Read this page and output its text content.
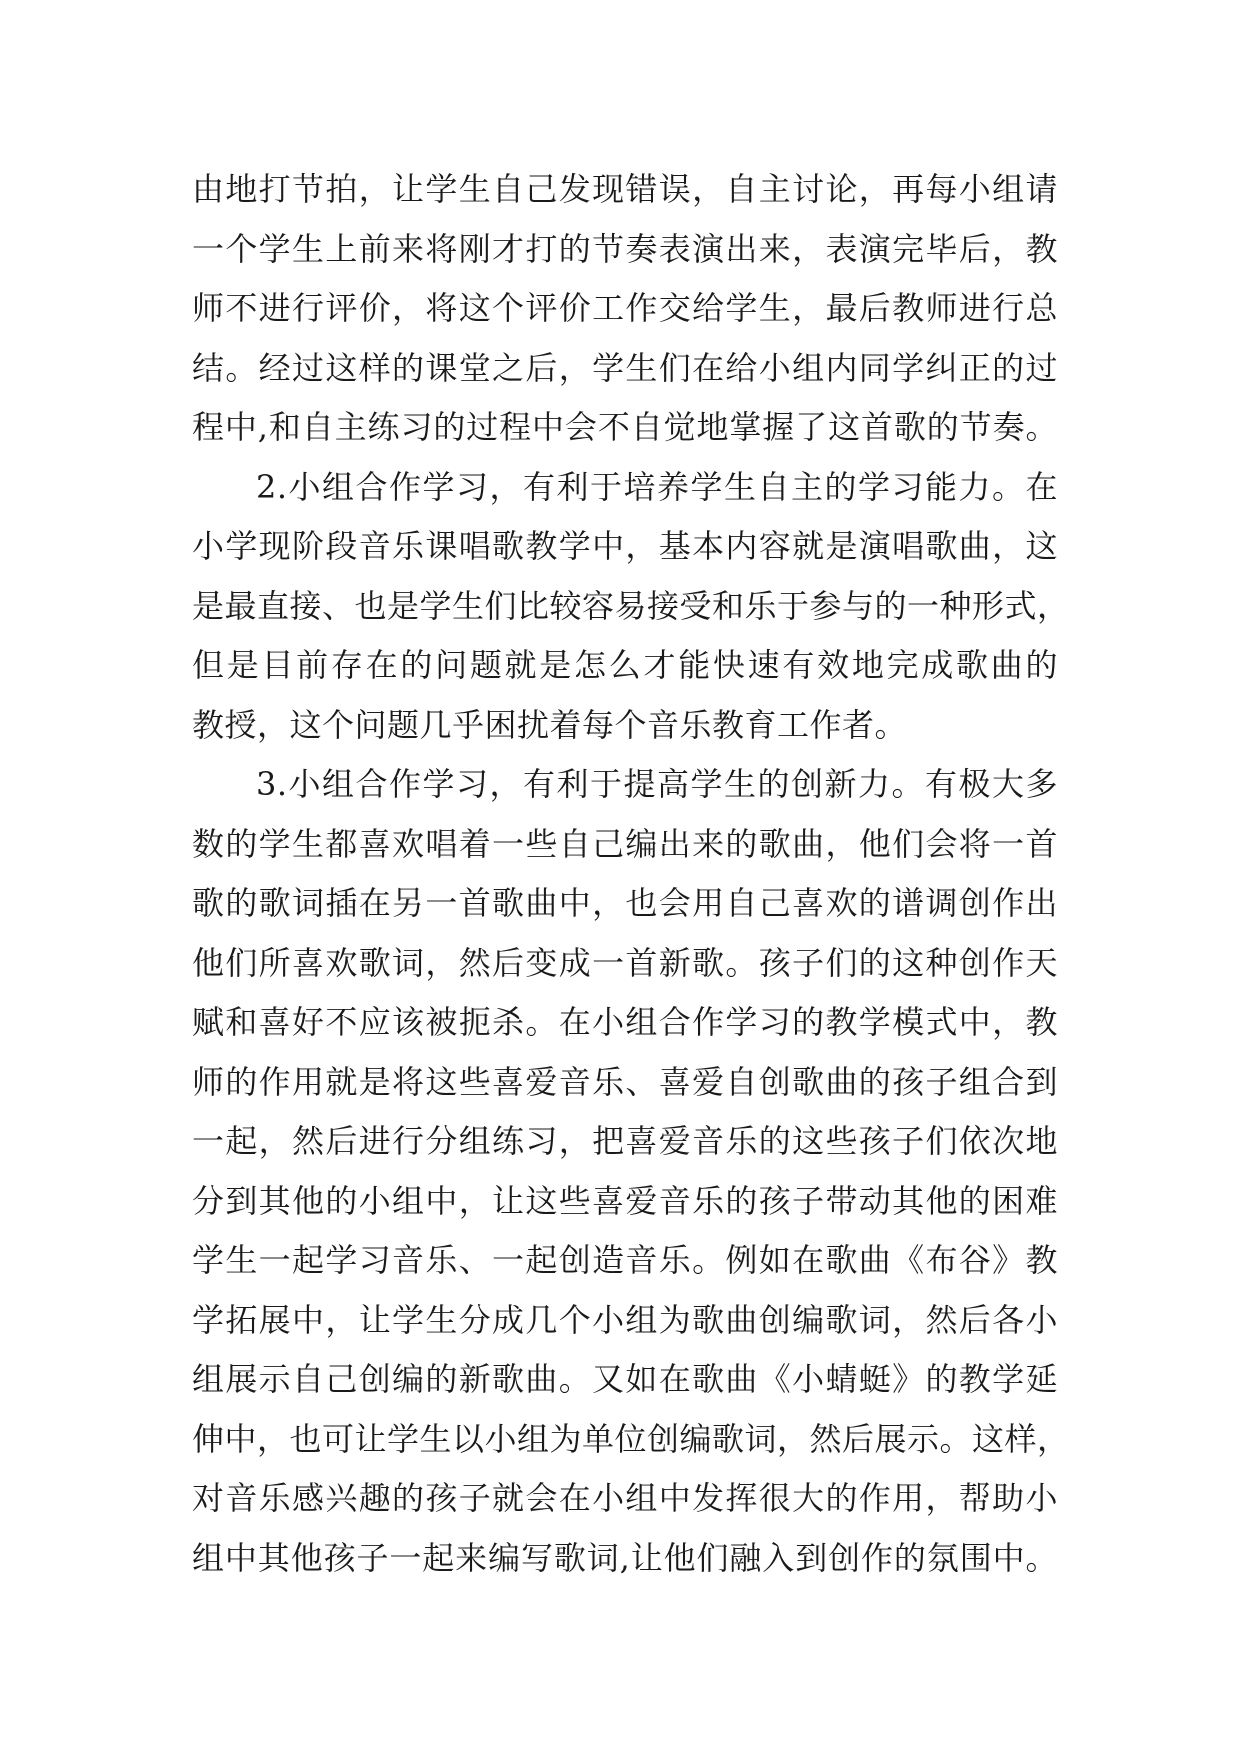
由地打节拍，让学生自己发现错误，自主讨论，再每小组请
一个学生上前来将刚才打的节奏表演出来，表演完毕后，教
师不进行评价，将这个评价工作交给学生，最后教师进行总
结。经过这样的课堂之后，学生们在给小组内同学纠正的过
程中,和自主练习的过程中会不自觉地掌握了这首歌的节奏。
2.小组合作学习，有利于培养学生自主的学习能力。在
小学现阶段音乐课唱歌教学中，基本内容就是演唱歌曲，这
是最直接、也是学生们比较容易接受和乐于参与的一种形式，
但是目前存在的问题就是怎么才能快速有效地完成歌曲的
教授，这个问题几乎困扰着每个音乐教育工作者。
3.小组合作学习，有利于提高学生的创新力。有极大多
数的学生都喜欢唱着一些自己编出来的歌曲，他们会将一首
歌的歌词插在另一首歌曲中，也会用自己喜欢的谱调创作出
他们所喜欢歌词，然后变成一首新歌。孩子们的这种创作天
赋和喜好不应该被扼杀。在小组合作学习的教学模式中，教
师的作用就是将这些喜爱音乐、喜爱自创歌曲的孩子组合到
一起，然后进行分组练习，把喜爱音乐的这些孩子们依次地
分到其他的小组中，让这些喜爱音乐的孩子带动其他的困难
学生一起学习音乐、一起创造音乐。例如在歌曲《布谷》教
学拓展中，让学生分成几个小组为歌曲创编歌词，然后各小
组展示自己创编的新歌曲。又如在歌曲《小蜻蜓》的教学延
伸中，也可让学生以小组为单位创编歌词，然后展示。这样，
对音乐感兴趣的孩子就会在小组中发挥很大的作用，帮助小
组中其他孩子一起来编写歌词,让他们融入到创作的氛围中。
